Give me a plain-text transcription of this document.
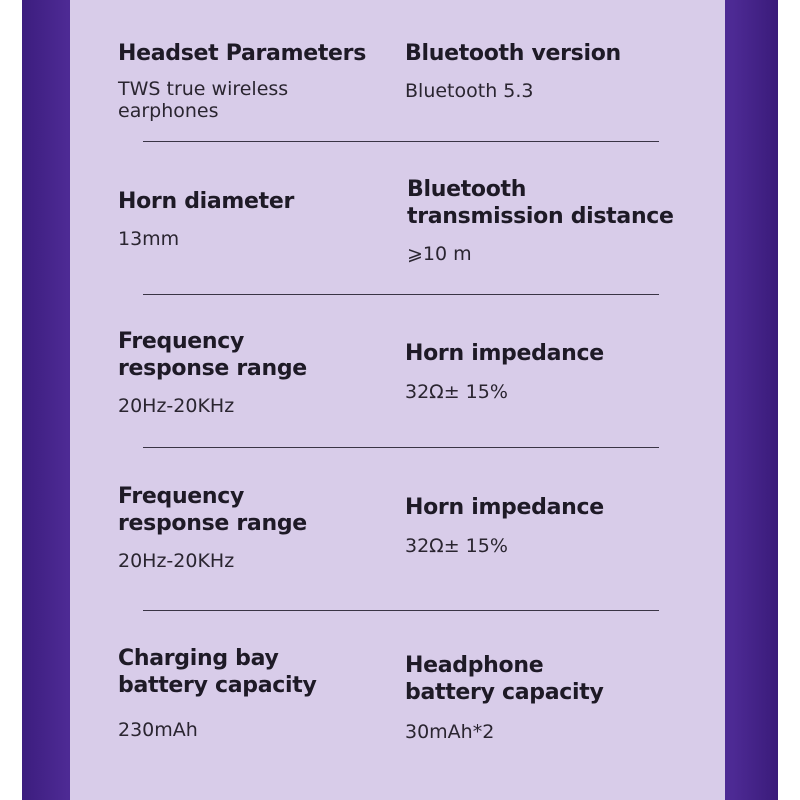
Headset Parameters

TWS true wireless earphones

Bluetooth version

Bluetooth 5.3

Horn diameter

13mm

Bluetooth transmission distance

⩾10 m

Frequency response range

20Hz-20KHz

Horn impedance

32Ω± 15%

Frequency response range

20Hz-20KHz

Horn impedance

32Ω± 15%

Charging bay battery capacity

230mAh

Headphone battery capacity

30mAh*2
